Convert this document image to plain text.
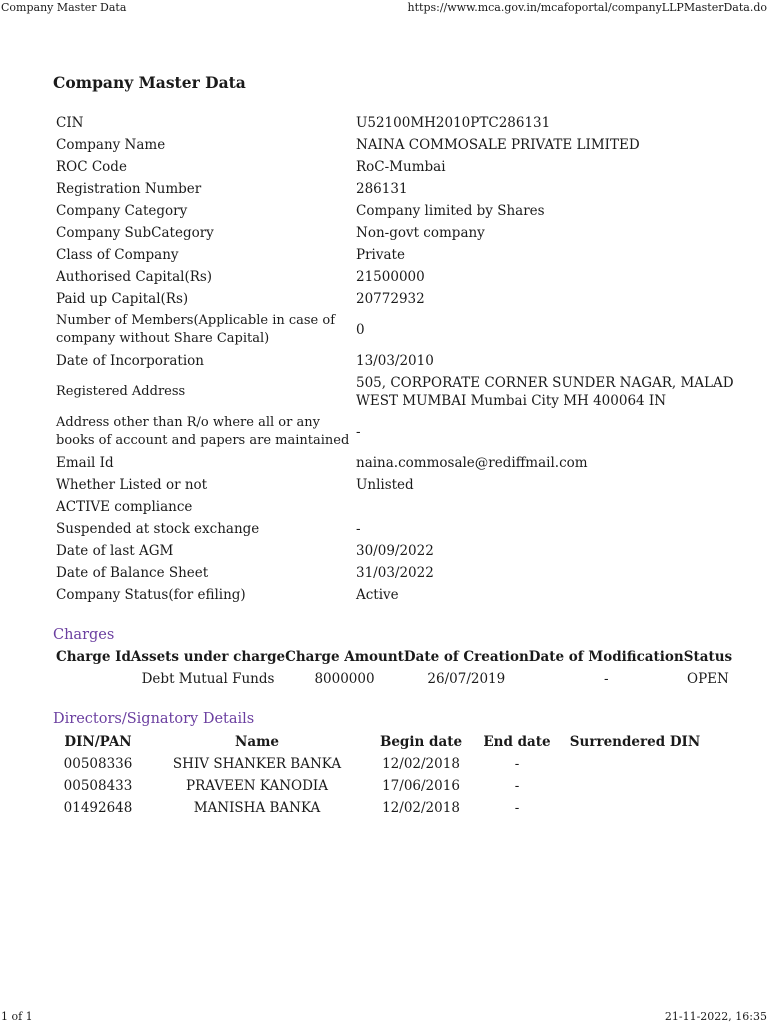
Company Master Data	https://www.mca.gov.in/mcafoportal/companyLLPMasterData.do
Company Master Data
CIN	U52100MH2010PTC286131
Company Name	NAINA COMMOSALE PRIVATE LIMITED
ROC Code	RoC-Mumbai
Registration Number	286131
Company Category	Company limited by Shares
Company SubCategory	Non-govt company
Class of Company	Private
Authorised Capital(Rs)	21500000
Paid up Capital(Rs)	20772932
Number of Members(Applicable in case of company without Share Capital)	0
Date of Incorporation	13/03/2010
Registered Address	505, CORPORATE CORNER SUNDER NAGAR, MALAD WEST MUMBAI Mumbai City MH 400064 IN
Address other than R/o where all or any books of account and papers are maintained	-
Email Id	naina.commosale@rediffmail.com
Whether Listed or not	Unlisted
ACTIVE compliance	
Suspended at stock exchange	-
Date of last AGM	30/09/2022
Date of Balance Sheet	31/03/2022
Company Status(for efiling)	Active
Charges
Charge Id	Assets under charge	Charge Amount	Date of Creation	Date of Modification	Status
	Debt Mutual Funds	8000000	26/07/2019	-	OPEN
Directors/Signatory Details
DIN/PAN	Name	Begin date	End date	Surrendered DIN
00508336	SHIV SHANKER BANKA	12/02/2018	-	
00508433	PRAVEEN KANODIA	17/06/2016	-	
01492648	MANISHA BANKA	12/02/2018	-	
1 of 1	21-11-2022, 16:35
